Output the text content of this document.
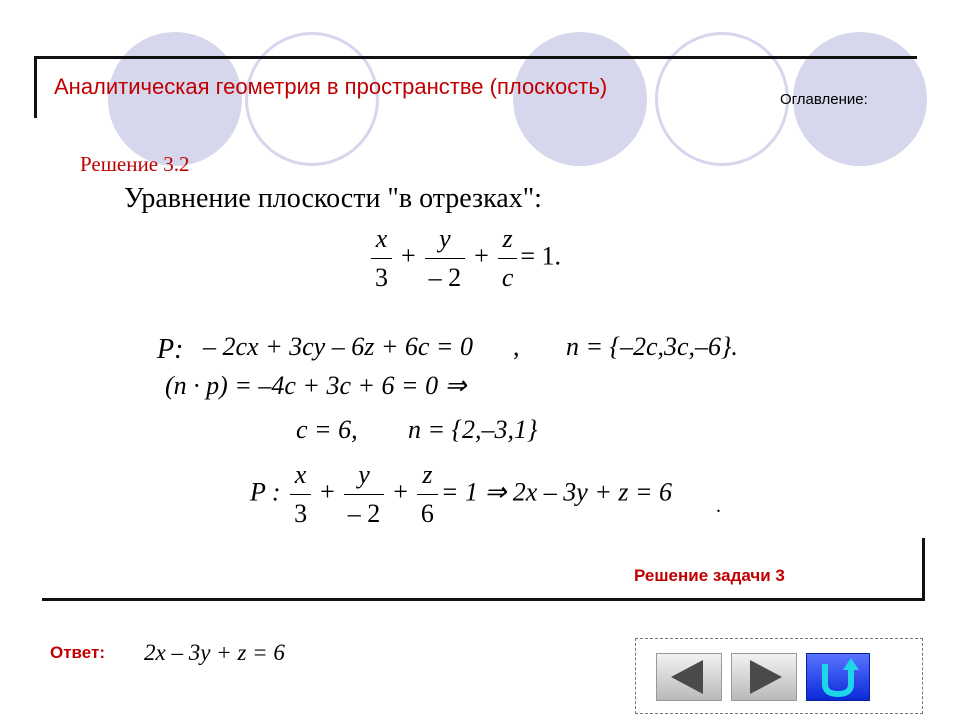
Аналитическая геометрия в пространстве (плоскость)
Оглавление:
Решение 3.2
Уравнение плоскости "в отрезках":
$\frac{x}{3} + \frac{y}{- 2} + \frac{z}{c} = 1$.
P: – 2cx + 3cy – 6z + 6c = 0 , n = {–2c,3c,–6}.
(n · p) = –4c + 3c + 6 = 0 ⇒
c = 6, n = {2,–3,1}
P : $\frac{x}{3} + \frac{y}{- 2} + \frac{z}{6} = 1$ ⇒ 2x – 3y + z = 6 .
Решение задачи 3
Ответ: 2x – 3y + z = 6
